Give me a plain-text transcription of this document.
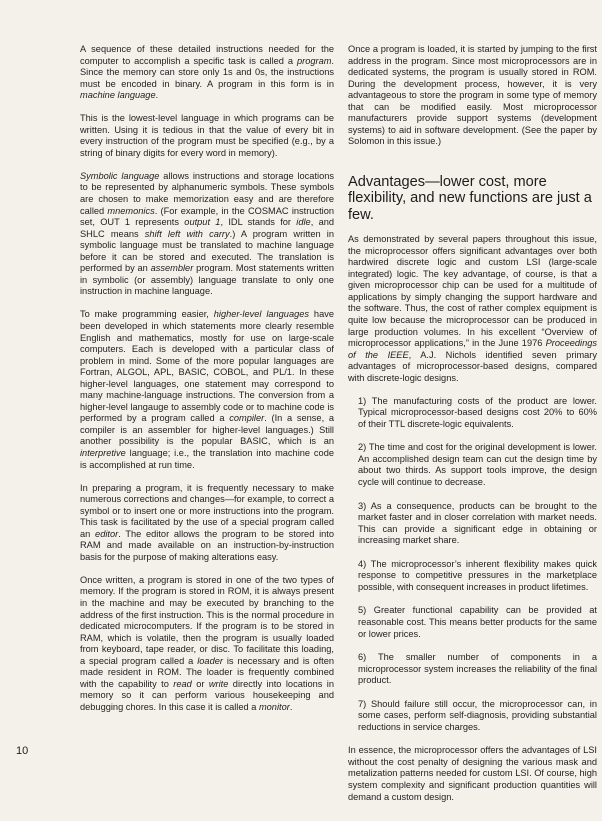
A sequence of these detailed instructions needed for the computer to accomplish a specific task is called a program. Since the memory can store only 1s and 0s, the instructions must be encoded in binary. A program in this form is in machine language.

This is the lowest-level language in which programs can be written. Using it is tedious in that the value of every bit in every instruction of the program must be specified (e.g., by a string of binary digits for every word in memory).

Symbolic language allows instructions and storage locations to be represented by alphanumeric symbols. These symbols are chosen to make memorization easy and are therefore called mnemonics. (For example, in the COSMAC instruction set, OUT 1 represents output 1, IDL stands for idle, and SHLC means shift left with carry.) A program written in symbolic language must be translated to machine language before it can be stored and executed. The translation is performed by an assembler program. Most statements written in symbolic (or assembly) language translate to only one instruction in machine language.

To make programming easier, higher-level languages have been developed in which statements more clearly resemble English and mathematics, mostly for use on large-scale computers. Each is developed with a particular class of problem in mind. Some of the more popular languages are Fortran, ALGOL, APL, BASIC, COBOL, and PL/1. In these higher-level languages, one statement may correspond to many machine-language instructions. The conversion from a higher-level langauge to assembly code or to machine code is performed by a program called a compiler. (In a sense, a compiler is an assembler for higher-level languages.) Still another possibility is the popular BASIC, which is an interpretive language; i.e., the translation into machine code is accomplished at run time.

In preparing a program, it is frequently necessary to make numerous corrections and changes—for example, to correct a symbol or to insert one or more instructions into the program. This task is facilitated by the use of a special program called an editor. The editor allows the program to be stored into RAM and made available on an instruction-by-instruction basis for the purpose of making alterations easy.

Once written, a program is stored in one of the two types of memory. If the program is stored in ROM, it is always present in the machine and may be executed by branching to the address of the first instruction. This is the normal procedure in dedicated microcomputers. If the program is to be stored in RAM, which is volatile, then the program is usually loaded from keyboard, tape reader, or disc. To facilitate this loading, a special program called a loader is necessary and is often made resident in ROM. The loader is frequently combined with the capability to read or write directly into locations in memory so it can perform various housekeeping and debugging chores. In this case it is called a monitor.

Once a program is loaded, it is started by jumping to the first address in the program. Since most microprocessors are in dedicated systems, the program is usually stored in ROM. During the development process, however, it is very advantageous to store the program in some type of memory that can be modified easily. Most microprocessor manufacturers provide support systems (development systems) to aid in software development. (See the paper by Solomon in this issue.)

Advantages—lower cost, more flexibility, and new functions are just a few.

As demonstrated by several papers throughout this issue, the microprocessor offers significant advantages over both hardwired discrete logic and custom LSI (large-scale integrated) logic. The key advantage, of course, is that a given microprocessor chip can be used for a multitude of applications by simply changing the support hardware and the software. Thus, the cost of rather complex equipment is quite low because the microprocessor can be produced in large production volumes. In his excellent “Overview of microprocessor applications,” in the June 1976 Proceedings of the IEEE, A.J. Nichols identified seven primary advantages of microprocessor-based designs, compared with discrete-logic designs.

1) The manufacturing costs of the product are lower. Typical microprocessor-based designs cost 20% to 60% of their TTL discrete-logic equivalents.

2) The time and cost for the original development is lower. An accomplished design team can cut the design time by about two thirds. As support tools improve, the design cycle will continue to decrease.

3) As a consequence, products can be brought to the market faster and in closer correlation with market needs. This can provide a significant edge in obtaining or increasing market share.

4) The microprocessor’s inherent flexibility makes quick response to competitive pressures in the marketplace possible, with consequent increases in product lifetimes.

5) Greater functional capability can be provided at reasonable cost. This means better products for the same or lower prices.

6) The smaller number of components in a microprocessor system increases the reliability of the final product.

7) Should failure still occur, the microprocessor can, in some cases, perform self-diagnosis, providing substantial reductions in service charges.

In essence, the microprocessor offers the advantages of LSI without the cost penalty of designing the various mask and metalization patterns needed for custom LSI. Of course, high system complexity and significant production quantities will demand a custom design.

10
